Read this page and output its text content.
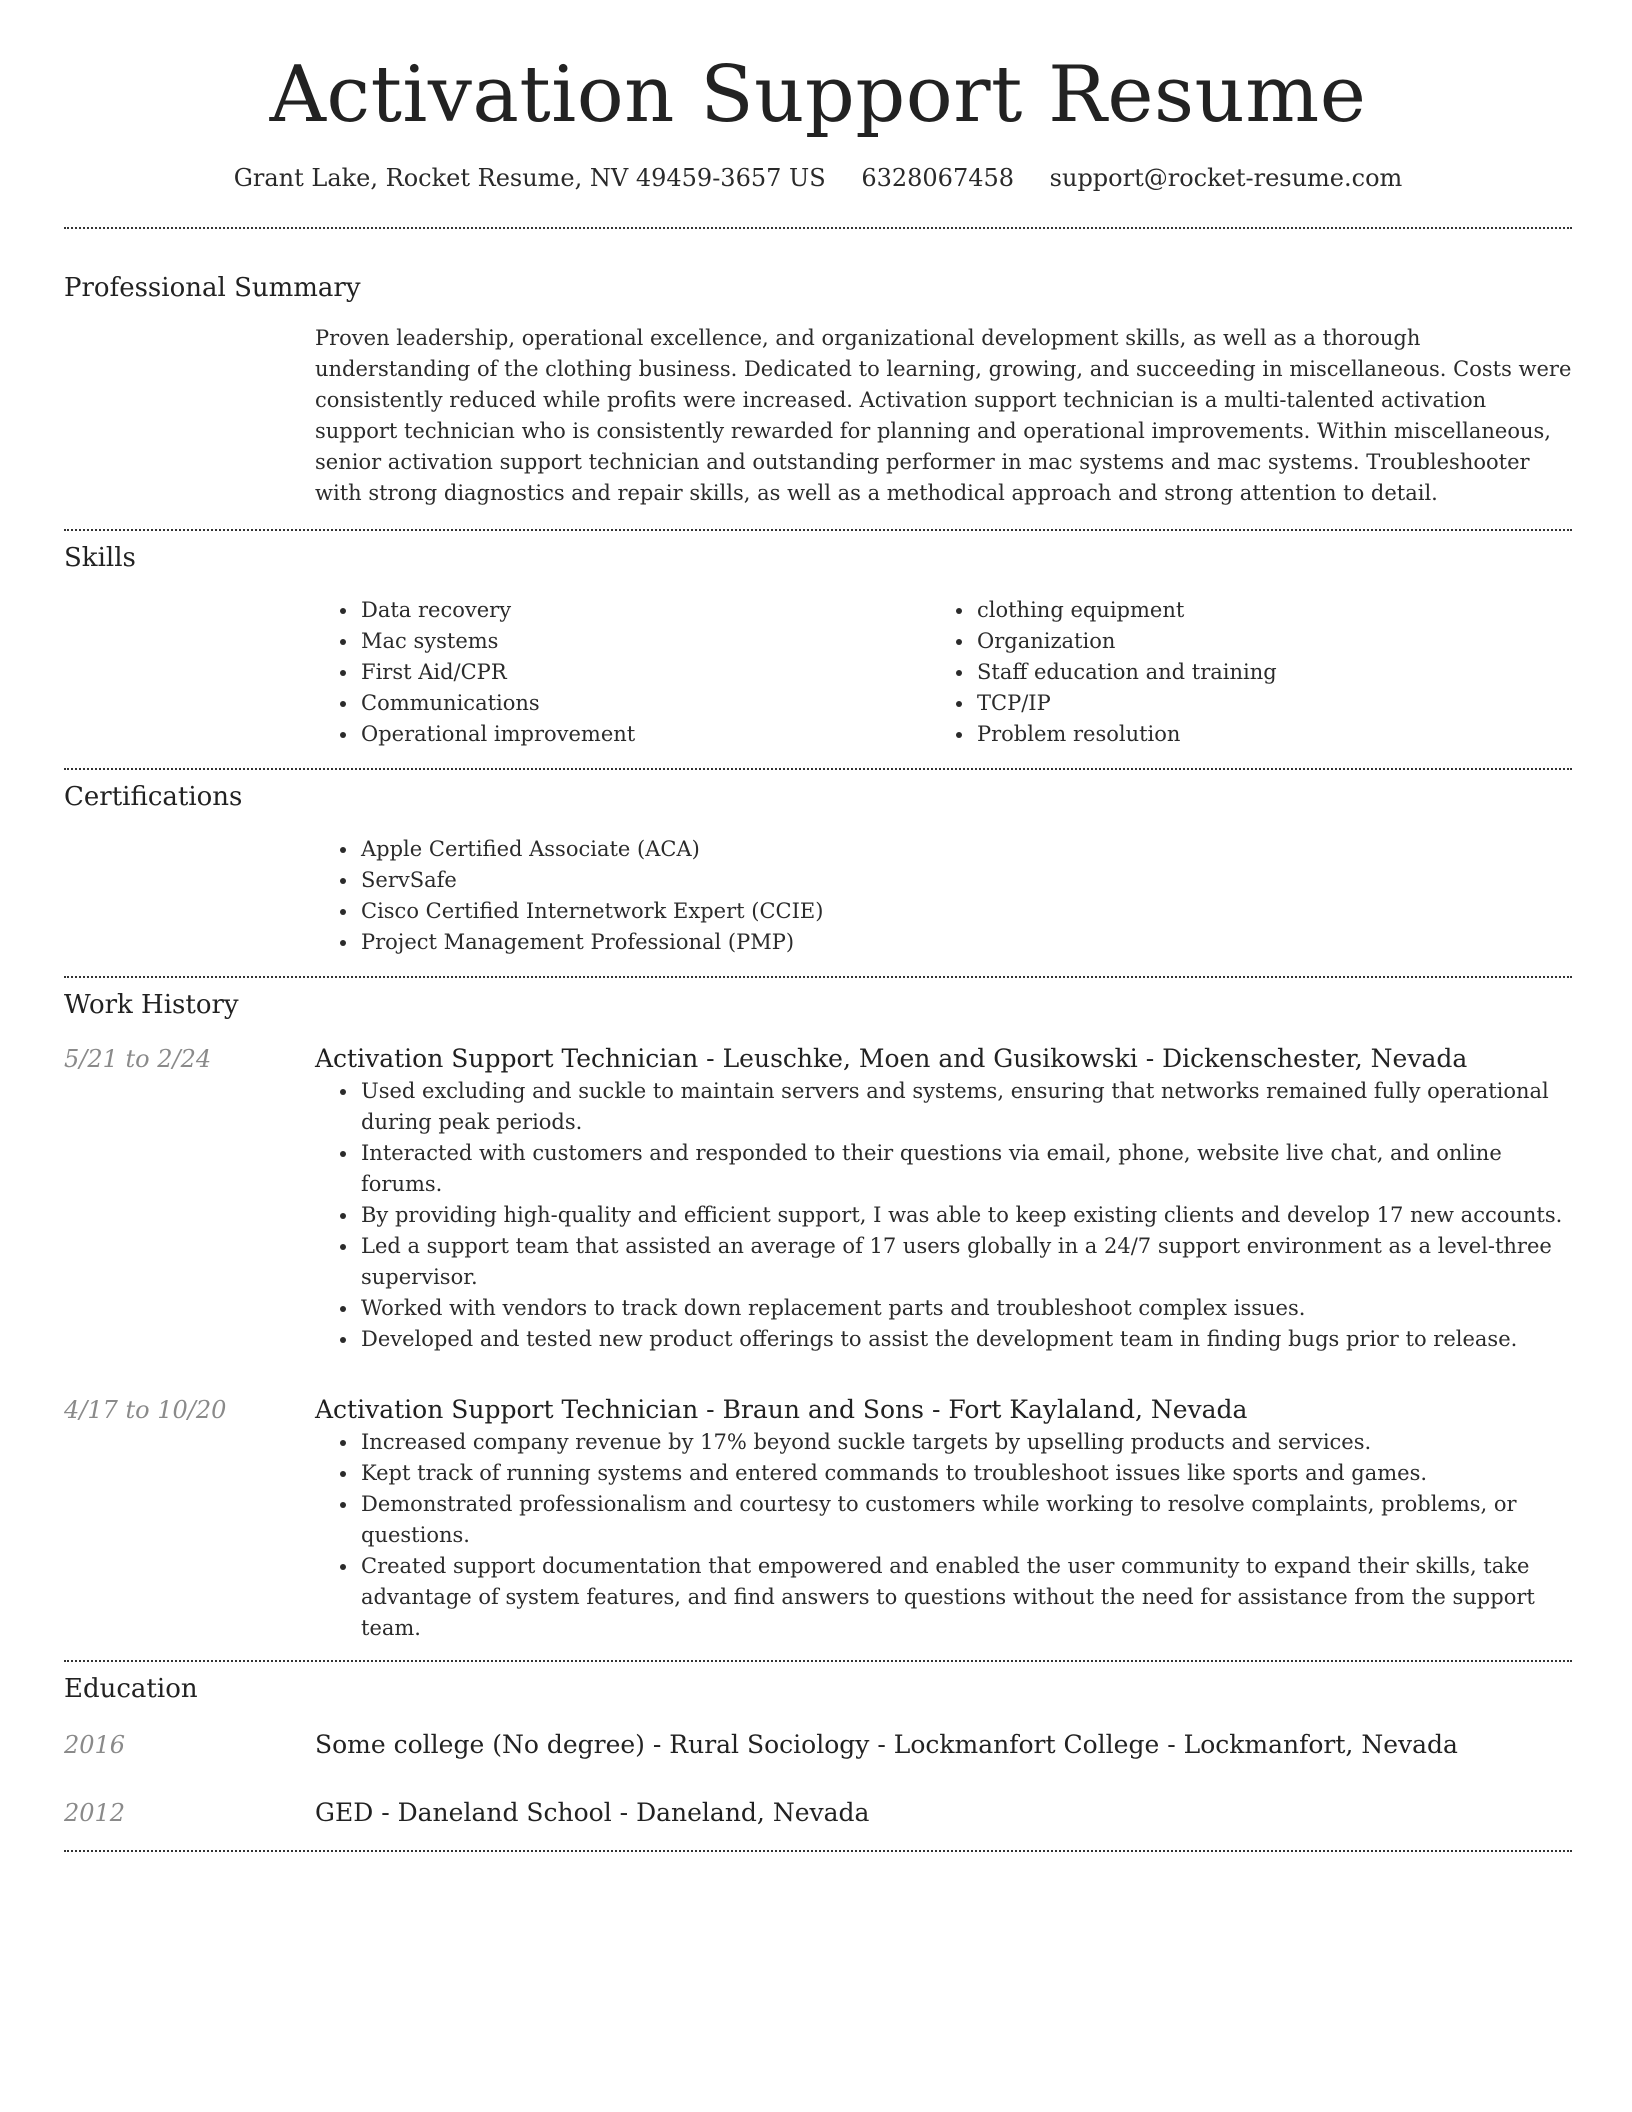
Activation Support Resume
Grant Lake, Rocket Resume, NV 49459-3657 US 6328067458 support@rocket-resume.com
Professional Summary
Proven leadership, operational excellence, and organizational development skills, as well as a thorough understanding of the clothing business. Dedicated to learning, growing, and succeeding in miscellaneous. Costs were consistently reduced while profits were increased. Activation support technician is a multi-talented activation support technician who is consistently rewarded for planning and operational improvements. Within miscellaneous, senior activation support technician and outstanding performer in mac systems and mac systems. Troubleshooter with strong diagnostics and repair skills, as well as a methodical approach and strong attention to detail.
Skills
• Data recovery
• Mac systems
• First Aid/CPR
• Communications
• Operational improvement
• clothing equipment
• Organization
• Staff education and training
• TCP/IP
• Problem resolution
Certifications
• Apple Certified Associate (ACA)
• ServSafe
• Cisco Certified Internetwork Expert (CCIE)
• Project Management Professional (PMP)
Work History
5/21 to 2/24	Activation Support Technician - Leuschke, Moen and Gusikowski - Dickenschester, Nevada
• Used excluding and suckle to maintain servers and systems, ensuring that networks remained fully operational during peak periods.
• Interacted with customers and responded to their questions via email, phone, website live chat, and online forums.
• By providing high-quality and efficient support, I was able to keep existing clients and develop 17 new accounts.
• Led a support team that assisted an average of 17 users globally in a 24/7 support environment as a level-three supervisor.
• Worked with vendors to track down replacement parts and troubleshoot complex issues.
• Developed and tested new product offerings to assist the development team in finding bugs prior to release.
4/17 to 10/20	Activation Support Technician - Braun and Sons - Fort Kaylaland, Nevada
• Increased company revenue by 17% beyond suckle targets by upselling products and services.
• Kept track of running systems and entered commands to troubleshoot issues like sports and games.
• Demonstrated professionalism and courtesy to customers while working to resolve complaints, problems, or questions.
• Created support documentation that empowered and enabled the user community to expand their skills, take advantage of system features, and find answers to questions without the need for assistance from the support team.
Education
2016	Some college (No degree) - Rural Sociology - Lockmanfort College - Lockmanfort, Nevada
2012	GED - Daneland School - Daneland, Nevada
